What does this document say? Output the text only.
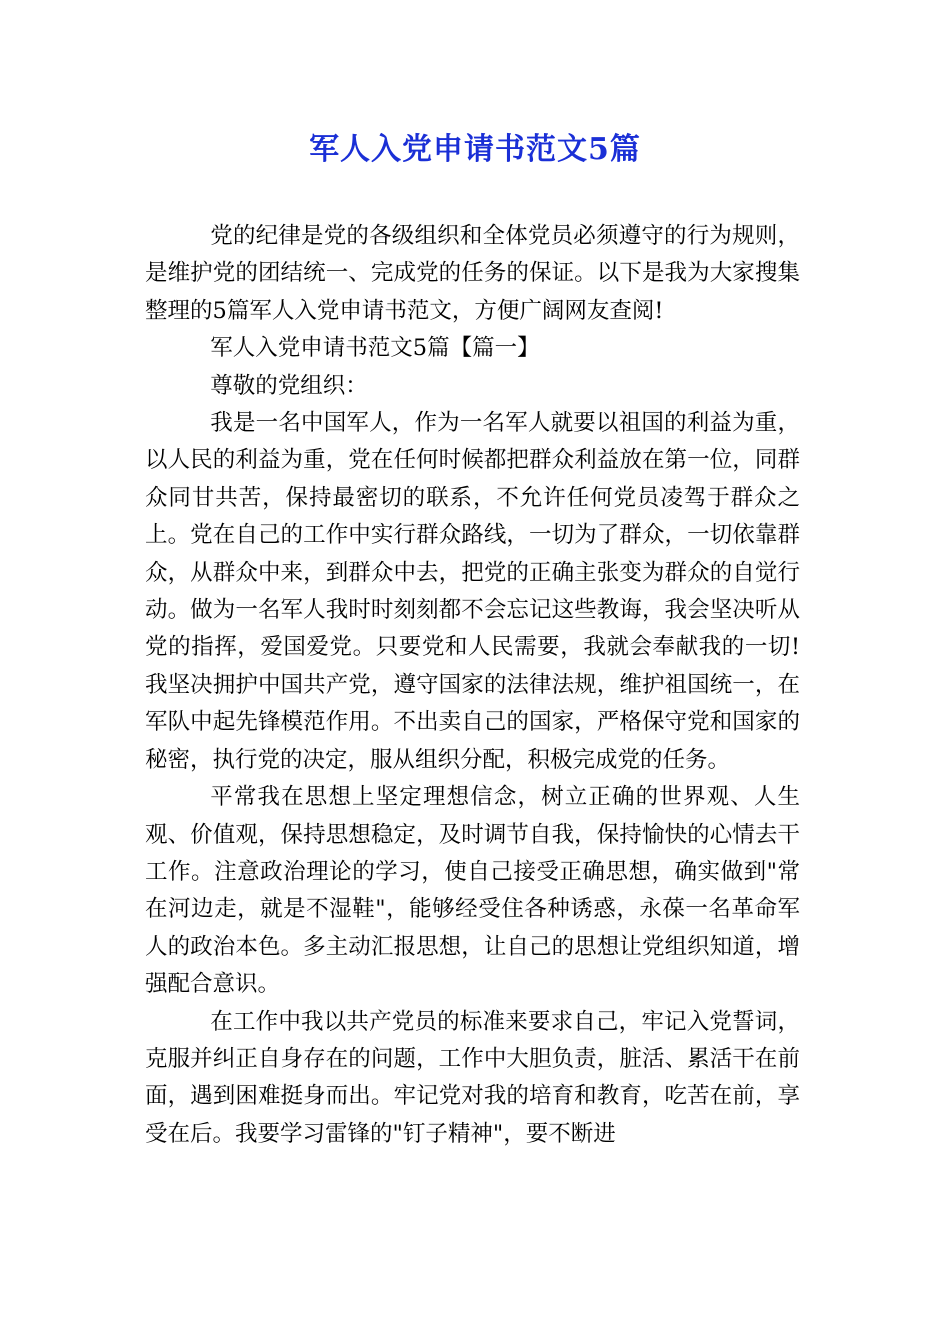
军人入党申请书范文5篇

党的纪律是党的各级组织和全体党员必须遵守的行为规则，是维护党的团结统一、完成党的任务的保证。以下是我为大家搜集整理的5篇军人入党申请书范文，方便广阔网友查阅!

军人入党申请书范文5篇【篇一】

尊敬的党组织：

我是一名中国军人，作为一名军人就要以祖国的利益为重，以人民的利益为重，党在任何时候都把群众利益放在第一位，同群众同甘共苦，保持最密切的联系，不允许任何党员凌驾于群众之上。党在自己的工作中实行群众路线，一切为了群众，一切依靠群众，从群众中来，到群众中去，把党的正确主张变为群众的自觉行动。做为一名军人我时时刻刻都不会忘记这些教诲，我会坚决听从党的指挥，爱国爱党。只要党和人民需要，我就会奉献我的一切!我坚决拥护中国共产党，遵守国家的法律法规，维护祖国统一，在军队中起先锋模范作用。不出卖自己的国家，严格保守党和国家的秘密，执行党的决定，服从组织分配，积极完成党的任务。

平常我在思想上坚定理想信念，树立正确的世界观、人生观、价值观，保持思想稳定，及时调节自我，保持愉快的心情去干工作。注意政治理论的学习，使自己接受正确思想，确实做到"常在河边走，就是不湿鞋"，能够经受住各种诱惑，永葆一名革命军人的政治本色。多主动汇报思想，让自己的思想让党组织知道，增强配合意识。

在工作中我以共产党员的标准来要求自己，牢记入党誓词，克服并纠正自身存在的问题，工作中大胆负责，脏活、累活干在前面，遇到困难挺身而出。牢记党对我的培育和教育，吃苦在前，享受在后。我要学习雷锋的"钉子精神"，要不断进
